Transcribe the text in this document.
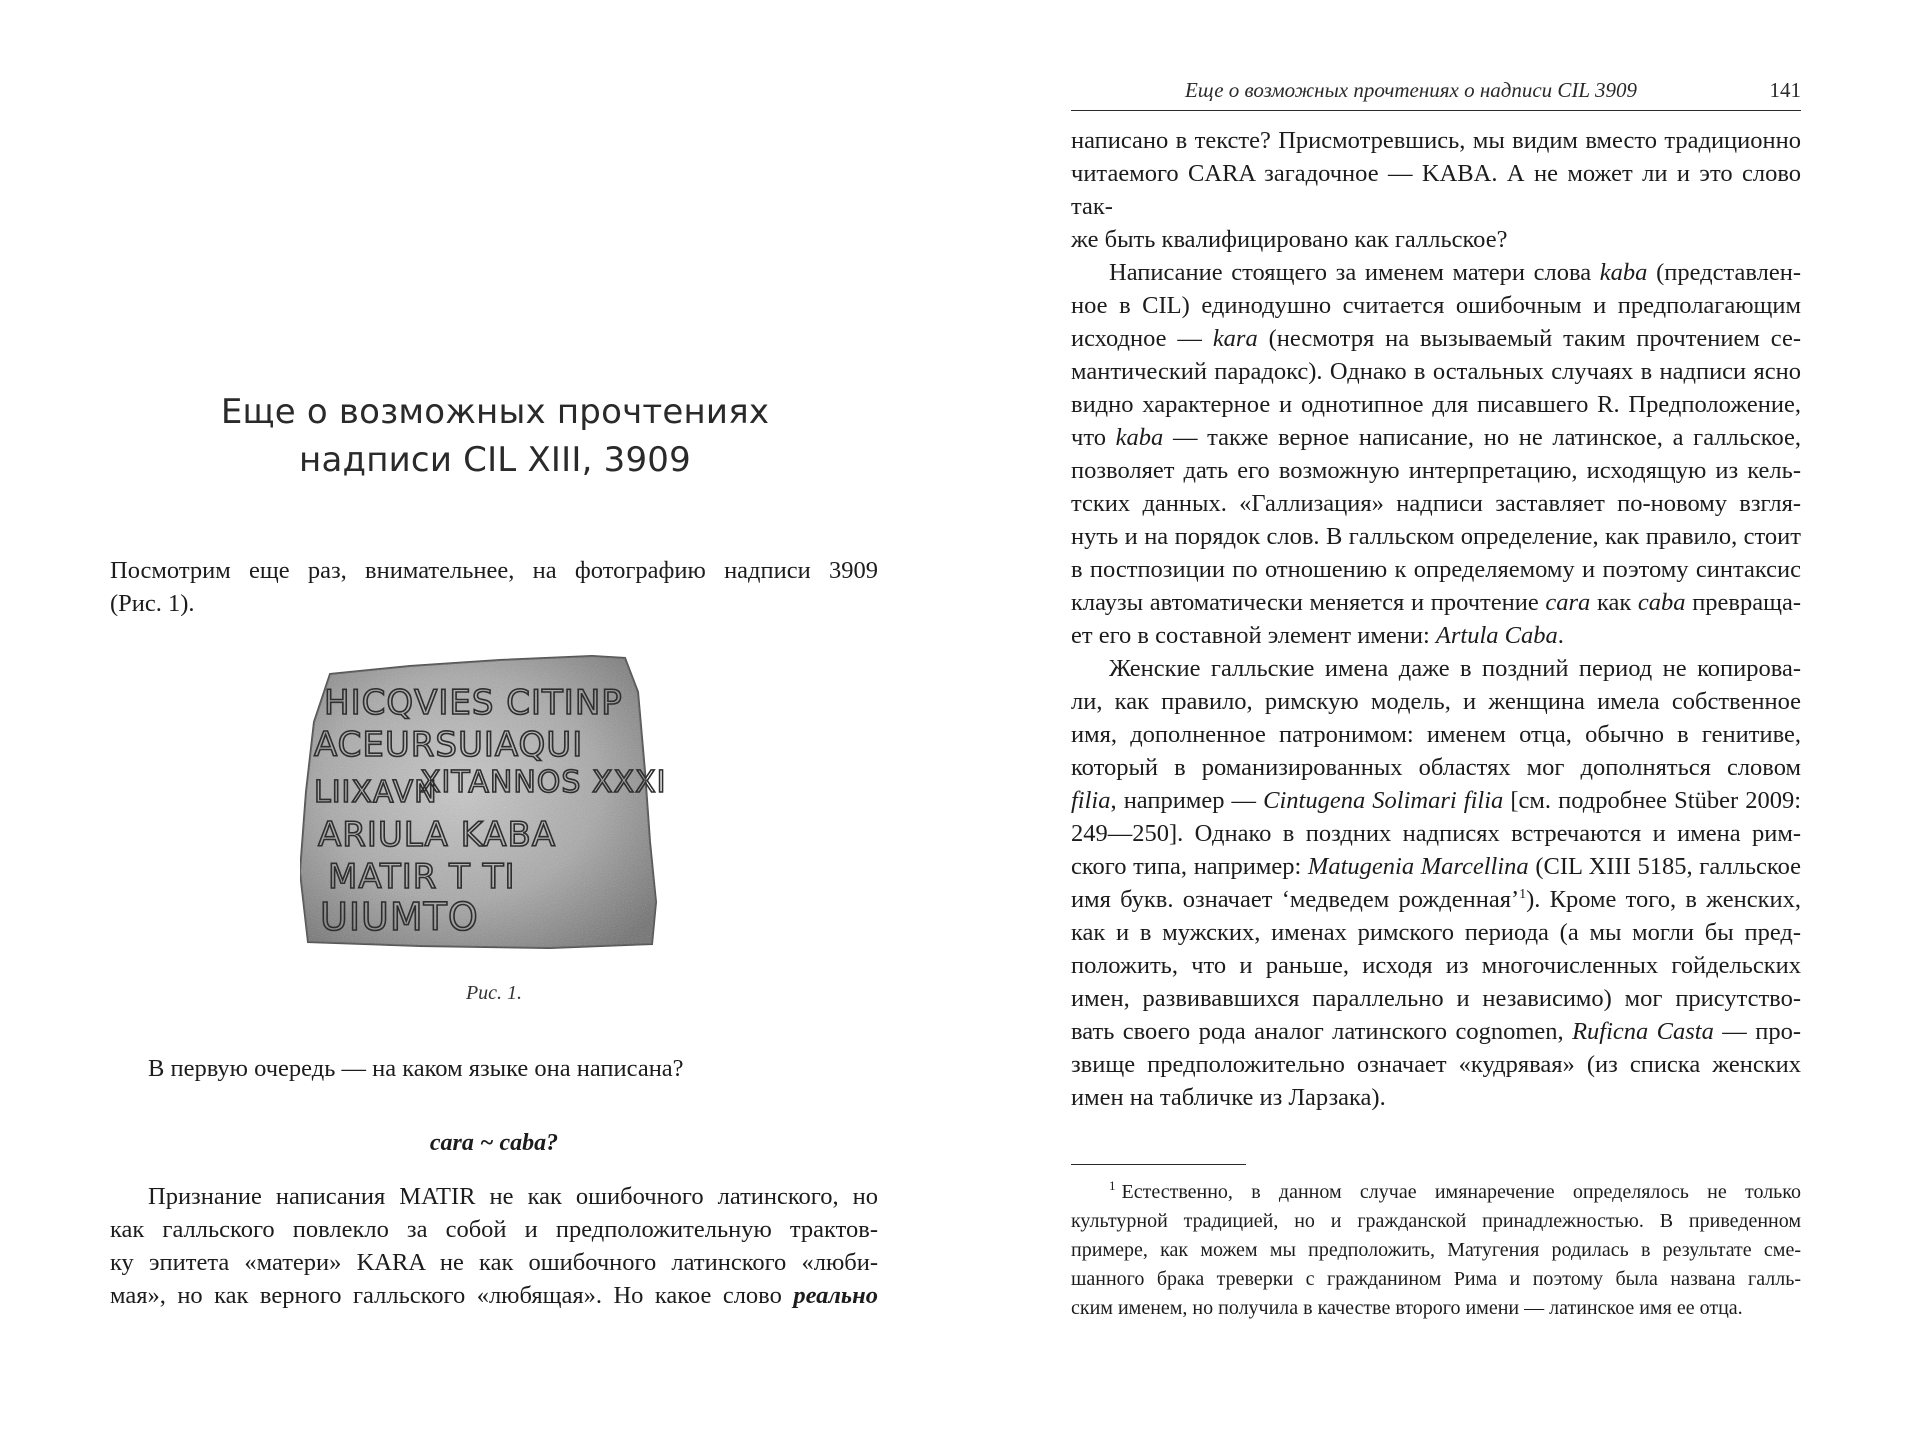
Еще о возможных прочтениях
надписи CIL XIII, 3909
Посмотрим еще раз, внимательнее, на фотографию надписи 3909
(Рис. 1).
HICQVIES CITINP
ACEURSUIAQUI
XITANNOS XXXI
LIIXAVN
ARIULA KABA
MATIR T TI
UIUMTO
Рис. 1.
В первую очередь — на каком языке она написана?
cara ~ caba?
Признание написания MATIR не как ошибочного латинского, но
как галльского повлекло за собой и предположительную трактов-
ку эпитета «матери» KARA не как ошибочного латинского «люби-
мая», но как верного галльского «любящая». Но какое слово реально
Еще о возможных прочтениях о надписи CIL 3909	141
написано в тексте? Присмотревшись, мы видим вместо традиционно
читаемого CARA загадочное — KABA. А не может ли и это слово так-
же быть квалифицировано как галльское?
Написание стоящего за именем матери слова kaba (представлен-
ное в CIL) единодушно считается ошибочным и предполагающим
исходное — kara (несмотря на вызываемый таким прочтением се-
мантический парадокс). Однако в остальных случаях в надписи ясно
видно характерное и однотипное для писавшего R. Предположение,
что kaba — также верное написание, но не латинское, а галльское,
позволяет дать его возможную интерпретацию, исходящую из кель-
тских данных. «Галлизация» надписи заставляет по-новому взгля-
нуть и на порядок слов. В галльском определение, как правило, стоит
в постпозиции по отношению к определяемому и поэтому синтаксис
клаузы автоматически меняется и прочтение cara как caba превраща-
ет его в составной элемент имени: Artula Caba.
Женские галльские имена даже в поздний период не копирова-
ли, как правило, римскую модель, и женщина имела собственное
имя, дополненное патронимом: именем отца, обычно в генитиве,
который в романизированных областях мог дополняться словом
filia, например — Cintugena Solimari filia [см. подробнее Stüber 2009:
249—250]. Однако в поздних надписях встречаются и имена рим-
ского типа, например: Matugenia Marcellina (CIL XIII 5185, галльское
имя букв. означает ‘медведем рожденная’$^1$). Кроме того, в женских,
как и в мужских, именах римского периода (а мы могли бы пред-
положить, что и раньше, исходя из многочисленных гойдельских
имен, развивавшихся параллельно и независимо) мог присутство-
вать своего рода аналог латинского cognomen, Ruficna Casta — про-
звище предположительно означает «кудрявая» (из списка женских
имен на табличке из Ларзака).
$^1$ Естественно, в данном случае имянаречение определялось не только
культурной традицией, но и гражданской принадлежностью. В приведенном
примере, как можем мы предположить, Матугения родилась в результате сме-
шанного брака треверки с гражданином Рима и поэтому была названа галль-
ским именем, но получила в качестве второго имени — латинское имя ее отца.
